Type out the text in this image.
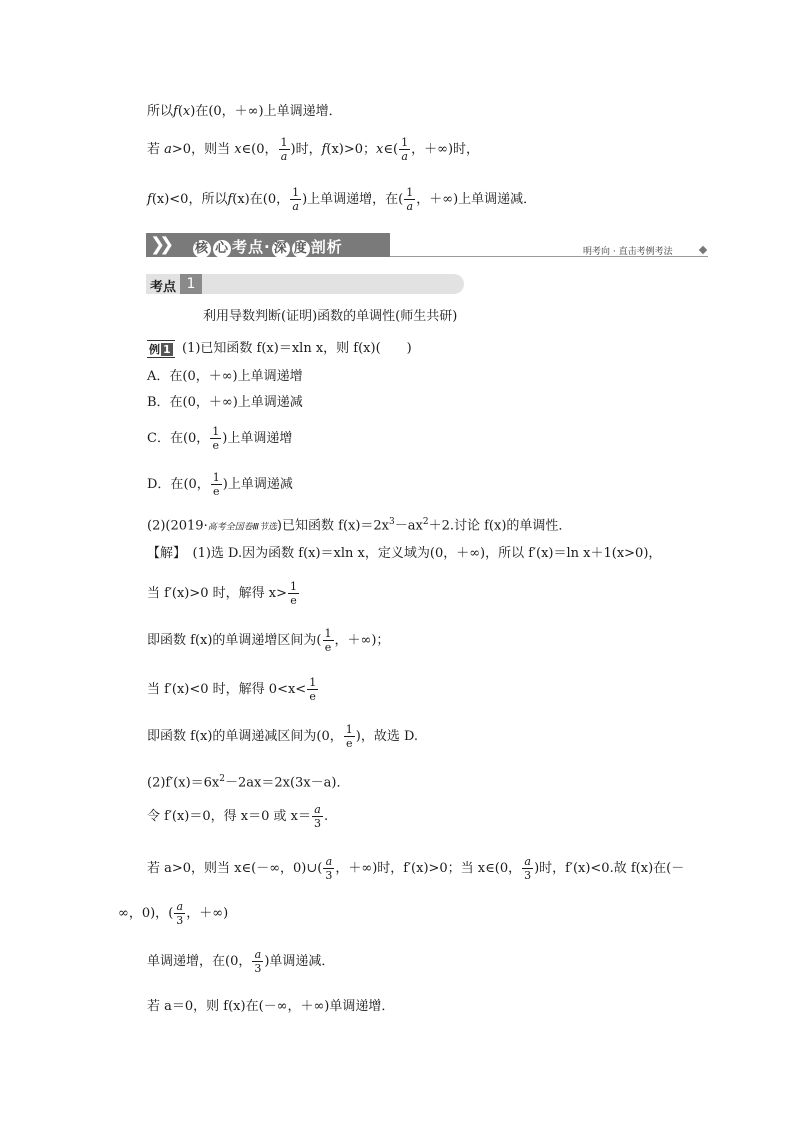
所以f(x)在(0，＋∞)上单调递增．
若 a>0，则当 x∈(0， $\frac{1}{a}$ )时，f(x)>0；x∈( $\frac{1}{a}$ ，＋∞)时，
f(x)<0，所以f(x)在(0， $\frac{1}{a}$ )上单调递增，在( $\frac{1}{a}$ ，＋∞)上单调递减．
❯❯ 核 心 考点· 深 度 剖析	明考向 · 直击考例考法
考点 1
利用导数判断(证明)函数的单调性(师生共研)
例 1 (1)已知函数 f(x)＝xln x，则 f(x)(　　)
A．在(0，＋∞)上单调递增
B．在(0，＋∞)上单调递减
C．在(0， $\frac{1}{e}$ )上单调递增
D．在(0， $\frac{1}{e}$ )上单调递减
(2)(2019·高考全国卷Ⅲ节选)已知函数 $f(x)=2x^3-ax^2+2$.讨论 f(x)的单调性．
【解】　(1)选 D.因为函数 f(x)＝xln x，定义域为(0，＋∞)，所以 f′(x)＝ln x＋1(x>0)，
当 f′(x)>0 时，解得 $x> \frac{1}{e}$
即函数 f(x)的单调递增区间为( $\frac{1}{e}$ ，＋∞)；
当 f′(x)<0 时，解得 $0<x< \frac{1}{e}$
即函数 f(x)的单调递减区间为(0， $\frac{1}{e}$ )，故选 D.
$(2)f'(x)=6x^2-2ax=2x(3x-a)$．
令 f′(x)＝0，得 x＝0 或 $x= \frac{a}{3}$ .
若 a>0，则当 x∈(－∞，0)∪( $\frac{a}{3}$ ，＋∞)时，f′(x)>0；当 x∈(0， $\frac{a}{3}$ )时，f′(x)<0.故 f(x)在(－
∞，0)，( $\frac{a}{3}$ ，＋∞)
单调递增，在(0， $\frac{a}{3}$ )单调递减．
若 a＝0，则 f(x)在(－∞，＋∞)单调递增．
